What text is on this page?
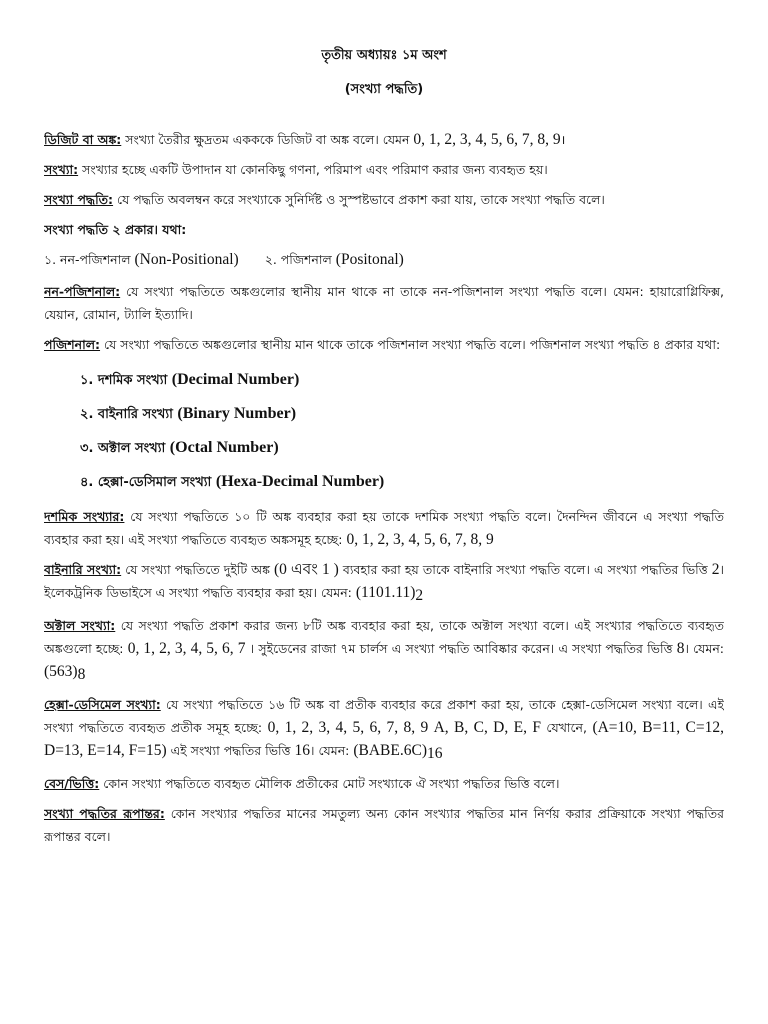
তৃতীয় অধ্যায়ঃ ১ম অংশ
(সংখ্যা পদ্ধতি)

ডিজিট বা অঙ্ক: সংখ্যা তৈরীর ক্ষুদ্রতম একককে ডিজিট বা অঙ্ক বলে। যেমন 0, 1, 2, 3, 4, 5, 6, 7, 8, 9।

সংখ্যা: সংখ্যার হচ্ছে একটি উপাদান যা কোনকিছু গণনা, পরিমাপ এবং পরিমাণ করার জন্য ব্যবহৃত হয়।

সংখ্যা পদ্ধতি: যে পদ্ধতি অবলম্বন করে সংখ্যাকে সুনির্দিষ্ট ও সুস্পষ্টভাবে প্রকাশ করা যায়, তাকে সংখ্যা পদ্ধতি বলে।

সংখ্যা পদ্ধতি ২ প্রকার। যথা:

১. নন-পজিশনাল (Non-Positional) ২. পজিশনাল (Positonal)

নন-পজিশনাল: যে সংখ্যা পদ্ধতিতে অঙ্কগুলোর স্থানীয় মান থাকে না তাকে নন-পজিশনাল সংখ্যা পদ্ধতি বলে। যেমন: হায়ারোগ্লিফিক্স, যেয়ান, রোমান, ট্যালি ইত্যাদি।

পজিশনাল: যে সংখ্যা পদ্ধতিতে অঙ্কগুলোর স্থানীয় মান থাকে তাকে পজিশনাল সংখ্যা পদ্ধতি বলে। পজিশনাল সংখ্যা পদ্ধতি ৪ প্রকার যথা:

১. দশমিক সংখ্যা (Decimal Number)
২. বাইনারি সংখ্যা (Binary Number)
৩. অক্টাল সংখ্যা (Octal Number)
৪. হেক্সা-ডেসিমাল সংখ্যা (Hexa-Decimal Number)

দশমিক সংখ্যার: যে সংখ্যা পদ্ধতিতে ১০ টি অঙ্ক ব্যবহার করা হয় তাকে দশমিক সংখ্যা পদ্ধতি বলে। দৈনন্দিন জীবনে এ সংখ্যা পদ্ধতি ব্যবহার করা হয়। এই সংখ্যা পদ্ধতিতে ব্যবহৃত অঙ্কসমূহ হচ্ছে: 0, 1, 2, 3, 4, 5, 6, 7, 8, 9

বাইনারি সংখ্যা: যে সংখ্যা পদ্ধতিতে দুইটি অঙ্ক (0 এবং 1 ) ব্যবহার করা হয় তাকে বাইনারি সংখ্যা পদ্ধতি বলে। এ সংখ্যা পদ্ধতির ভিত্তি 2। ইলেকট্রনিক ডিভাইসে এ সংখ্যা পদ্ধতি ব্যবহার করা হয়। যেমন: $(1101.11)_2$

অক্টাল সংখ্যা: যে সংখ্যা পদ্ধতি প্রকাশ করার জন্য ৮টি অঙ্ক ব্যবহার করা হয়, তাকে অক্টাল সংখ্যা বলে। এই সংখ্যার পদ্ধতিতে ব্যবহৃত অঙ্কগুলো হচ্ছে: 0, 1, 2, 3, 4, 5, 6, 7 । সুইডেনের রাজা ৭ম চার্লস এ সংখ্যা পদ্ধতি আবিষ্কার করেন। এ সংখ্যা পদ্ধতির ভিত্তি 8। যেমন: $(563)_8$

হেক্সা-ডেসিমেল সংখ্যা: যে সংখ্যা পদ্ধতিতে ১৬ টি অঙ্ক বা প্রতীক ব্যবহার করে প্রকাশ করা হয়, তাকে হেক্সা-ডেসিমেল সংখ্যা বলে। এই সংখ্যা পদ্ধতিতে ব্যবহৃত প্রতীক সমূহ হচ্ছে: 0, 1, 2, 3, 4, 5, 6, 7, 8, 9 A, B, C, D, E, F যেখানে, (A=10, B=11, C=12, D=13, E=14, F=15) এই সংখ্যা পদ্ধতির ভিত্তি 16। যেমন: $(BABE.6C)_{16}$

বেস/ভিত্তি: কোন সংখ্যা পদ্ধতিতে ব্যবহৃত মৌলিক প্রতীকের মোট সংখ্যাকে ঐ সংখ্যা পদ্ধতির ভিত্তি বলে।

সংখ্যা পদ্ধতির রূপান্তর: কোন সংখ্যার পদ্ধতির মানের সমতুল্য অন্য কোন সংখ্যার পদ্ধতির মান নির্ণয় করার প্রক্রিয়াকে সংখ্যা পদ্ধতির রূপান্তর বলে।
